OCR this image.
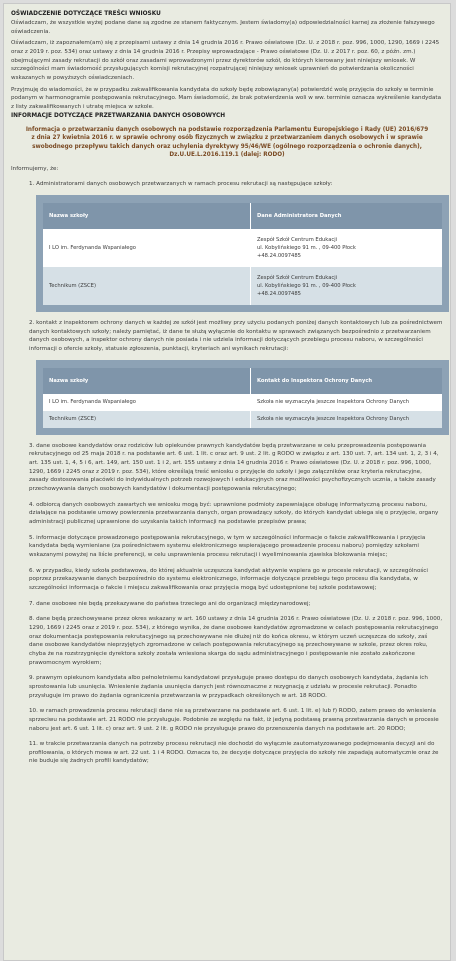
OŚWIADCZENIE DOTYCZĄCE TREŚCI WNIOSKU

Oświadczam, że wszystkie wyżej podane dane są zgodne ze stanem faktycznym. Jestem świadomy(a) odpowiedzialności karnej za złożenie fałszywego oświadczenia.

Oświadczam, iż zapoznałem(am) się z przepisami ustawy z dnia 14 grudnia 2016 r. Prawo oświatowe (Dz. U. z 2018 r. poz. 996, 1000, 1290, 1669 i 2245 oraz z 2019 r. poz. 534) oraz ustawy z dnia 14 grudnia 2016 r. Przepisy wprowadzające - Prawo oświatowe (Dz. U. z 2017 r. poz. 60, z późn. zm.) obejmującymi zasady rekrutacji do szkół oraz zasadami wprowadzonymi przez dyrektorów szkół, do których kierowany jest niniejszy wniosek. W szczególności mam świadomość przysługujących komisji rekrutacyjnej rozpatrującej niniejszy wniosek uprawnień do potwierdzania okoliczności wskazanych w powyższych oświadczeniach.

Przyjmuję do wiadomości, że w przypadku zakwalifikowania kandydata do szkoły będę zobowiązany(a) potwierdzić wolę przyjęcia do szkoły w terminie podanym w harmonogramie postępowania rekrutacyjnego. Mam świadomość, że brak potwierdzenia woli w ww. terminie oznacza wykreślenie kandydata z listy zakwalifikowanych i utratę miejsca w szkole.

INFORMACJE DOTYCZĄCE PRZETWARZANIA DANYCH OSOBOWYCH
Informacja o przetwarzaniu danych osobowych na podstawie rozporządzenia Parlamentu Europejskiego i Rady (UE) 2016/679 z dnia 27 kwietnia 2016 r. w sprawie ochrony osób fizycznych w związku z przetwarzaniem danych osobowych i w sprawie swobodnego przepływu takich danych oraz uchylenia dyrektywy 95/46/WE (ogólnego rozporządzenia o ochronie danych), Dz.U.UE.L.2016.119.1 (dalej: RODO)

Informujemy, że:

1. Administratorami danych osobowych przetwarzanych w ramach procesu rekrutacji są następujące szkoły:
Nazwa szkoły	Dane Administratora Danych
I LO im. Ferdynanda Wspaniałego	Zespół Szkół Centrum Edukacji
ul. Kobylińskiego 91 m. , 09-400 Płock
+48.24.0097485

Technikum (ZSCE)	Zespół Szkół Centrum Edukacji
ul. Kobylińskiego 91 m. , 09-400 Płock
+48.24.0097485
2. kontakt z inspektorem ochrony danych w każdej ze szkół jest możliwy przy użyciu podanych poniżej danych kontaktowych lub za pośrednictwem danych kontaktowych szkoły; należy pamiętać, iż dane te służą wyłącznie do kontaktu w sprawach związanych bezpośrednio z przetwarzaniem danych osobowych, a inspektor ochrony danych nie posiada i nie udziela informacji dotyczących przebiegu procesu naboru, w szczególności informacji o ofercie szkoły, statusie zgłoszenia, punktacji, kryteriach ani wynikach rekrutacji:
Nazwa szkoły	Kontakt do Inspektora Ochrony Danych
I LO im. Ferdynanda Wspaniałego	Szkoła nie wyznaczyła jeszcze Inspektora Ochrony Danych
Technikum (ZSCE)	Szkoła nie wyznaczyła jeszcze Inspektora Ochrony Danych
3. dane osobowe kandydatów oraz rodziców lub opiekunów prawnych kandydatów będą przetwarzane w celu przeprowadzenia postępowania rekrutacyjnego od 25 maja 2018 r. na podstawie art. 6 ust. 1 lit. c oraz art. 9 ust. 2 lit. g RODO w związku z art. 130 ust. 7, art. 134 ust. 1, 2, 3 i 4, art. 135 ust. 1, 4, 5 i 6, art. 149, art. 150 ust. 1 i 2, art. 155 ustawy z dnia 14 grudnia 2016 r. Prawo oświatowe (Dz. U. z 2018 r. poz. 996, 1000, 1290, 1669 i 2245 oraz z 2019 r. poz. 534), które określają treść wniosku o przyjęcie do szkoły i jego załączników oraz kryteria rekrutacyjne, zasady dostosowania placówki do indywidualnych potrzeb rozwojowych i edukacyjnych oraz możliwości psychofizycznych ucznia, a także zasady przechowywania danych osobowych kandydatów i dokumentacji postępowania rekrutacyjnego;
4. odbiorcą danych osobowych zawartych we wniosku mogą być: uprawnione podmioty zapewniające obsługę informatyczną procesu naboru, działające na podstawie umowy powierzenia przetwarzania danych, organ prowadzący szkoły, do których kandydat ubiega się o przyjęcie, organy administracji publicznej uprawnione do uzyskania takich informacji na podstawie przepisów prawa;
5. informacje dotyczące prowadzonego postępowania rekrutacyjnego, w tym w szczególności informacje o fakcie zakwalifikowania i przyjęcia kandydata będą wymieniane (za pośrednictwem systemu elektronicznego wspierającego prowadzenie procesu naboru) pomiędzy szkołami wskazanymi powyżej na liście preferencji, w celu usprawnienia procesu rekrutacji i wyeliminowania zjawiska blokowania miejsc;
6. w przypadku, kiedy szkoła podstawowa, do której aktualnie uczęszcza kandydat aktywnie wspiera go w procesie rekrutacji, w szczególności poprzez przekazywanie danych bezpośrednio do systemu elektronicznego, informacje dotyczące przebiegu tego procesu dla kandydata, w szczególności informacja o fakcie i miejscu zakwalifikowania oraz przyjęcia mogą być udostępnione tej szkole podstawowej;
7. dane osobowe nie będą przekazywane do państwa trzeciego ani do organizacji międzynarodowej;
8. dane będą przechowywane przez okres wskazany w art. 160 ustawy z dnia 14 grudnia 2016 r. Prawo oświatowe (Dz. U. z 2018 r. poz. 996, 1000, 1290, 1669 i 2245 oraz z 2019 r. poz. 534), z którego wynika, że dane osobowe kandydatów zgromadzone w celach postępowania rekrutacyjnego oraz dokumentacja postępowania rekrutacyjnego są przechowywane nie dłużej niż do końca okresu, w którym uczeń uczęszcza do szkoły, zaś dane osobowe kandydatów nieprzyjętych zgromadzone w celach postępowania rekrutacyjnego są przechowywane w szkole, przez okres roku, chyba że na rozstrzygnięcie dyrektora szkoły została wniesiona skarga do sądu administracyjnego i postępowanie nie zostało zakończone prawomocnym wyrokiem;
9. prawnym opiekunom kandydata albo pełnoletniemu kandydatowi przysługuje prawo dostępu do danych osobowych kandydata, żądania ich sprostowania lub usunięcia. Wniesienie żądania usunięcia danych jest równoznaczne z rezygnacją z udziału w procesie rekrutacji. Ponadto przysługuje im prawo do żądania ograniczenia przetwarzania w przypadkach określonych w art. 18 RODO.
10. w ramach prowadzenia procesu rekrutacji dane nie są przetwarzane na podstawie art. 6 ust. 1 lit. e) lub f) RODO, zatem prawo do wniesienia sprzeciwu na podstawie art. 21 RODO nie przysługuje. Podobnie ze względu na fakt, iż jedyną podstawą prawną przetwarzania danych w procesie naboru jest art. 6 ust. 1 lit. c) oraz art. 9 ust. 2 lit. g RODO nie przysługuje prawo do przenoszenia danych na podstawie art. 20 RODO;
11. w trakcie przetwarzania danych na potrzeby procesu rekrutacji nie dochodzi do wyłącznie zautomatyzowanego podejmowania decyzji ani do profilowania, o których mowa w art. 22 ust. 1 i 4 RODO. Oznacza to, że decyzje dotyczące przyjęcia do szkoły nie zapadają automatycznie oraz że nie buduje się żadnych profili kandydatów;
